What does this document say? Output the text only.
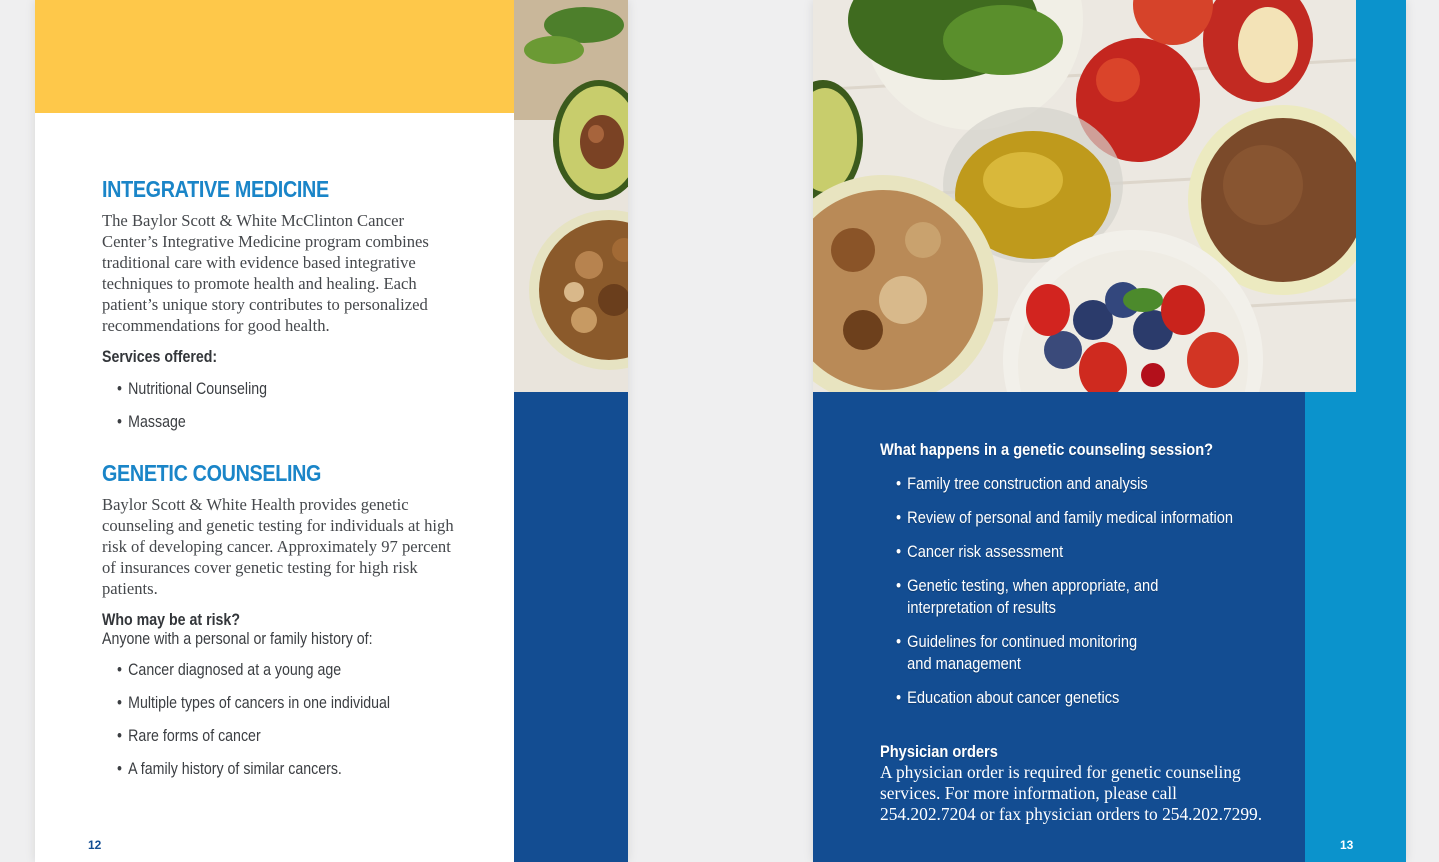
INTEGRATIVE MEDICINE

The Baylor Scott & White McClinton Cancer Center’s Integrative Medicine program combines traditional care with evidence based integrative techniques to promote health and healing. Each patient’s unique story contributes to personalized recommendations for good health.

Services offered:
• Nutritional Counseling
• Massage
GENETIC COUNSELING

Baylor Scott & White Health provides genetic counseling and genetic testing for individuals at high risk of developing cancer. Approximately 97 percent of insurances cover genetic testing for high risk patients.

Who may be at risk?
Anyone with a personal or family history of:
• Cancer diagnosed at a young age
• Multiple types of cancers in one individual
• Rare forms of cancer
• A family history of similar cancers.
12
What happens in a genetic counseling session?
• Family tree construction and analysis
• Review of personal and family medical information
• Cancer risk assessment
• Genetic testing, when appropriate, and
interpretation of results
• Guidelines for continued monitoring
and management
• Education about cancer genetics
Physician orders
A physician order is required for genetic counseling
services. For more information, please call
254.202.7204 or fax physician orders to 254.202.7299.
13
